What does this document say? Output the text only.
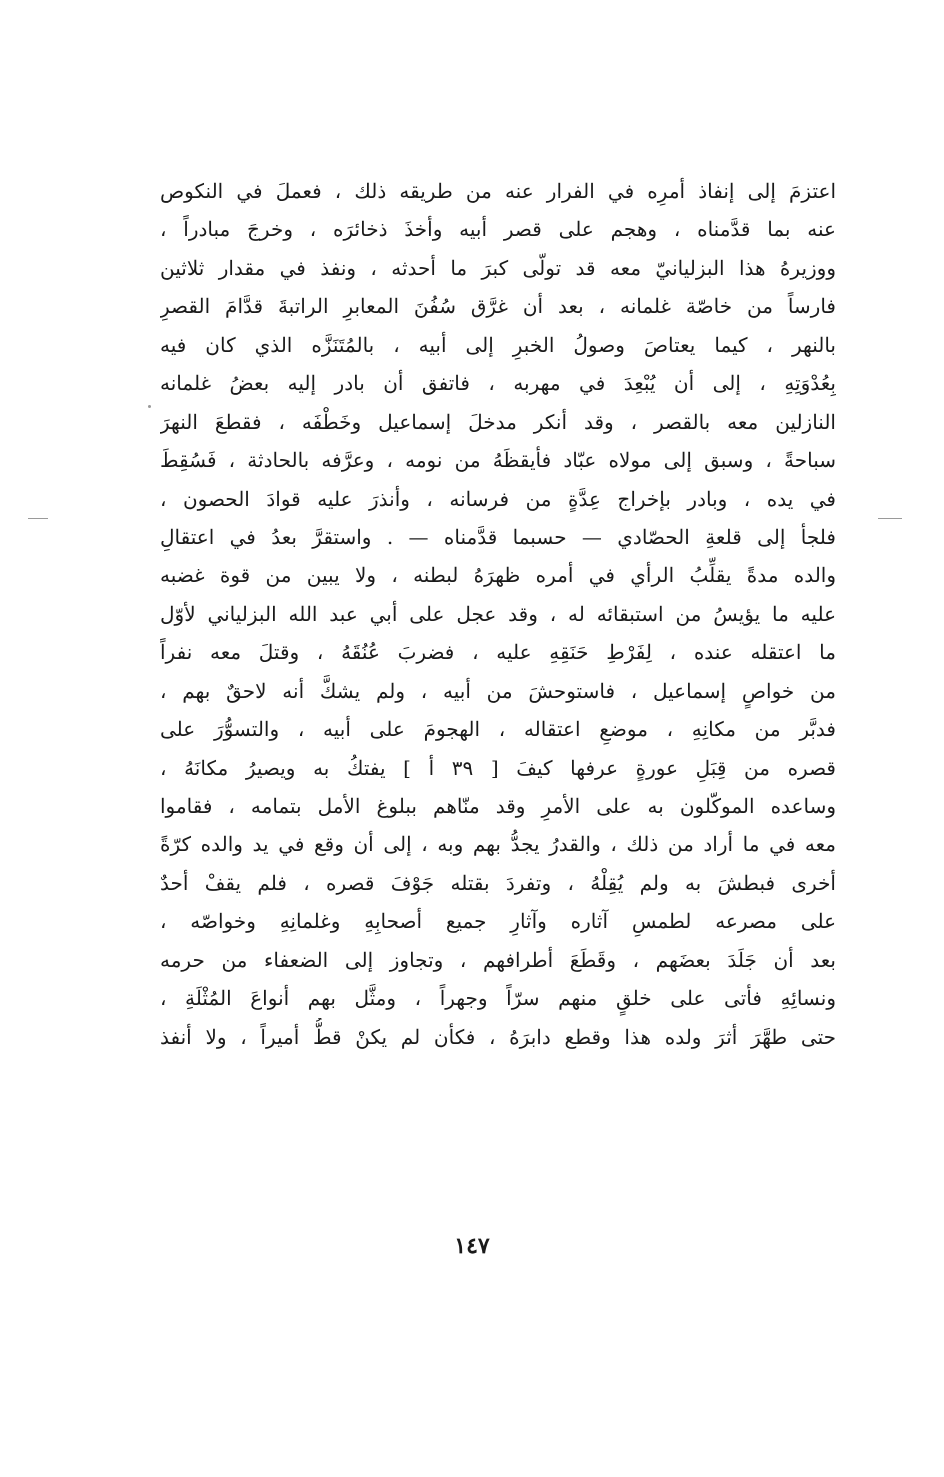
اعتزمَ إلى إنفاذ أمرِه في الفرار عنه من طريقه ذلك ، فعملَ في النكوص
عنه بما قدَّمناه ، وهجم على قصر أبيه وأخذَ ذخائرَه ، وخرجَ مبادراً ،
ووزيرهُ هذا البزليانيّ معه قد تولّى كبرَ ما أحدثه ، ونفذ في مقدار ثلاثين
فارساً من خاصّة غلمانه ، بعد أن غرَّق سُفُنَ المعابرِ الراتبةَ قدَّامَ القصرِ
بالنهر ، كيما يعتاصَ وصولُ الخبرِ إلى أبيه ، بالمُتَنَزَّه الذي كان فيه
بِعُدْوَتِهِ ، إلى أن يُبْعِدَ في مهربه ، فاتفق أن بادر إليه بعضُ غلمانه
النازلين معه بالقصر ، وقد أنكر مدخلَ إسماعيل وخَطْفَه ، فقطعَ النهرَ
سباحةً ، وسبق إلى مولاه عبّاد فأيقظَهُ من نومه ، وعرَّفه بالحادثة ، فَسُقِطَ
في يده ، وبادر بإخراج عِدَّةٍ من فرسانه ، وأنذرَ عليه قوادَ الحصون ،
فلجأ إلى قلعةِ الحصّادي — حسبما قدَّمناه — . واستقرَّ بعدُ في اعتقالِ
والده مدةً يقلِّبُ الرأي في أمره ظهرَهُ لبطنه ، ولا يبين من قوة غضبه
عليه ما يؤيسُ من استبقائه له ، وقد عجل على أبي عبد الله البزلياني لأوّل
ما اعتقله عنده ، لِفَرْطِ حَنَقِهِ عليه ، فضربَ عُنُقَهُ ، وقتلَ معه نفراً
من خواصٍ إسماعيل ، فاستوحشَ من أبيه ، ولم يشكَّ أنه لاحقٌ بهم ،
فدبَّر من مكانِهِ ، موضعِ اعتقاله ، الهجومَ على أبيه ، والتسوُّرَ على
قصره من قِبَلِ عورةٍ عرفها كيفَ [ ٣٩ أ ] يفتكُ به ويصيرُ مكانَهُ ،
وساعده الموكّلون به على الأمرِ وقد منّاهم ببلوغ الأمل بتمامه ، فقاموا
معه في ما أراد من ذلك ، والقدرُ يجدُّ بهم وبه ، إلى أن وقع في يد والده كرّةً
أخرى فبطشَ به ولم يُقِلْهُ ، وتفردَ بقتله جَوْفَ قصره ، فلم يقفْ أحدٌ
على مصرعه لطمسِ آثاره وآثارِ جميع أصحابِهِ وغلمانِهِ وخواصّه ،
بعد أن جَلَدَ بعضَهم ، وقَطَعَ أطرافهم ، وتجاوز إلى الضعفاء من حرمه
ونسائِهِ فأتى على خلقٍ منهم سرّاً وجهراً ، ومثَّل بهم أنواعَ المُثْلَةِ ،
حتى طهَّرَ أثرَ ولده هذا وقطع دابرَهُ ، فكأن لم يكنْ قطُّ أميراً ، ولا أنفذ
١٤٧
